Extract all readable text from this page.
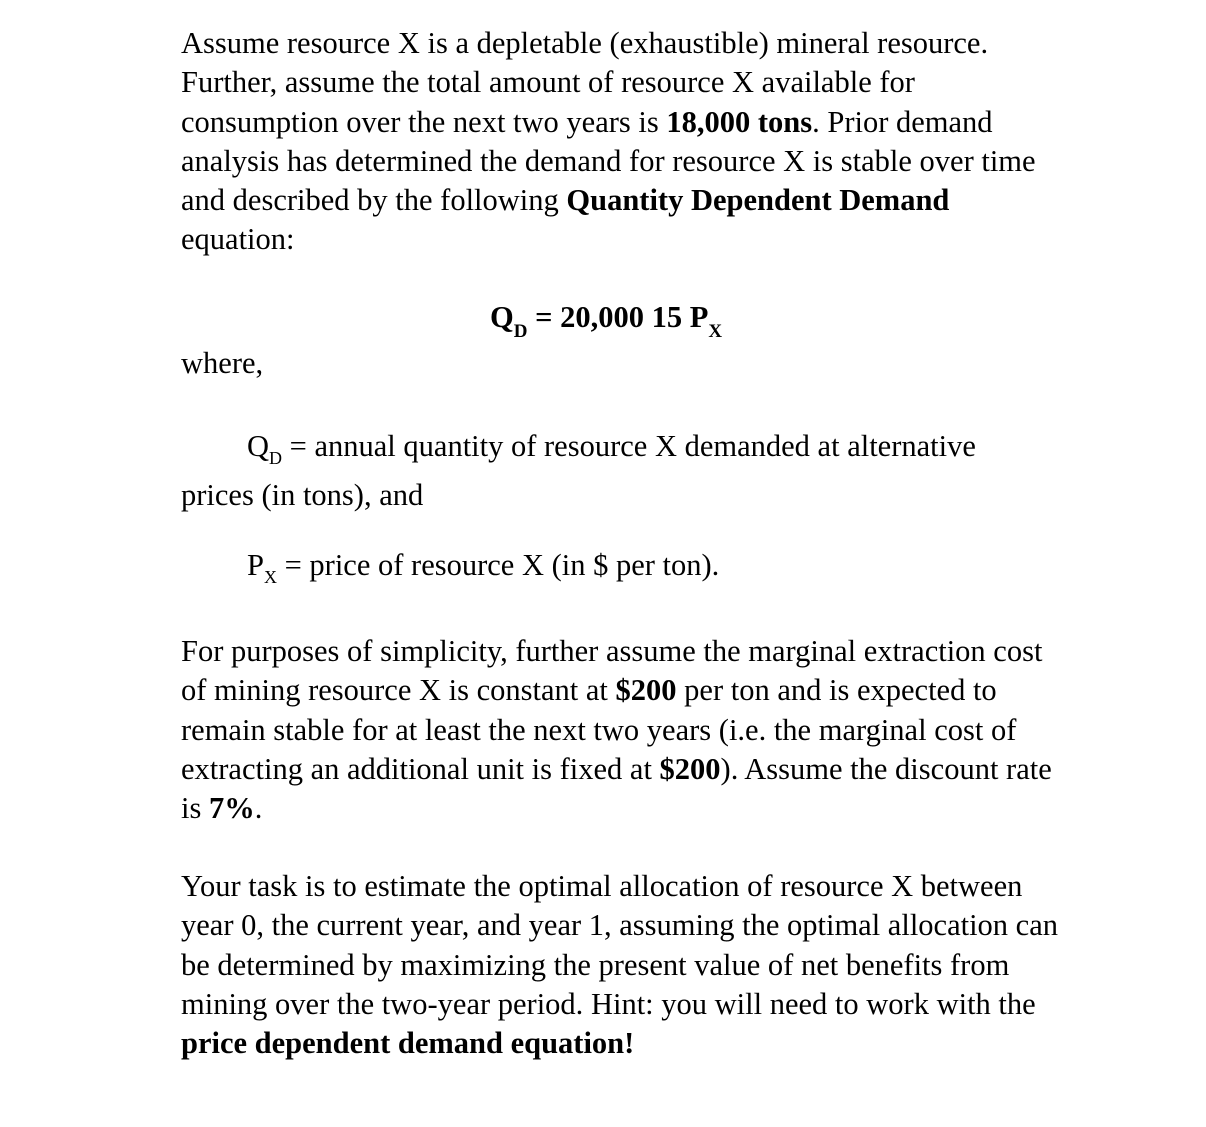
Assume resource X is a depletable (exhaustible) mineral resource. Further, assume the total amount of resource X available for consumption over the next two years is 18,000 tons. Prior demand analysis has determined the demand for resource X is stable over time and described by the following Quantity Dependent Demand equation:

$Q_D = 20,000$ 15 $P_X$
where,
$Q_D$ = annual quantity of resource X demanded at alternative
prices (in tons), and
$P_X$ = price of resource X (in $ per ton).
For purposes of simplicity, further assume the marginal extraction cost of mining resource X is constant at $200 per ton and is expected to remain stable for at least the next two years (i.e. the marginal cost of extracting an additional unit is fixed at $200). Assume the discount rate is 7%.
Your task is to estimate the optimal allocation of resource X between year 0, the current year, and year 1, assuming the optimal allocation can be determined by maximizing the present value of net benefits from mining over the two-year period. Hint: you will need to work with the price dependent demand equation!
